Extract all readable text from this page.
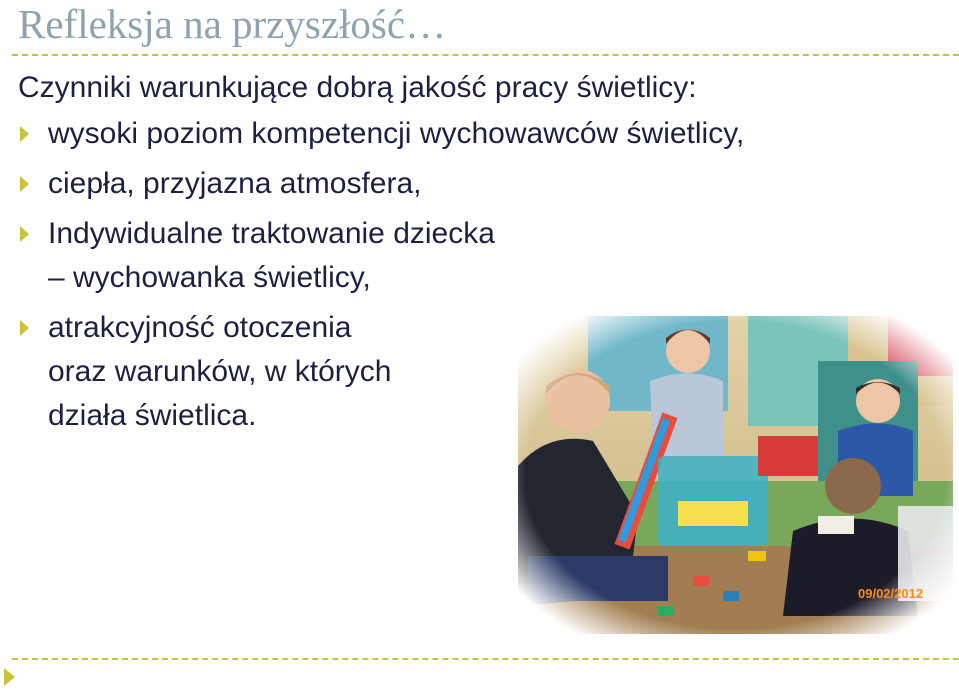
Refleksja na przyszłość…

Czynniki warunkujące dobrą jakość pracy świetlicy:

wysoki poziom kompetencji wychowawców świetlicy,
ciepła, przyjazna atmosfera,
Indywidualne traktowanie dziecka
– wychowanka świetlicy,
atrakcyjność otoczenia
oraz warunków, w których
działa świetlica.
09/02/2012
